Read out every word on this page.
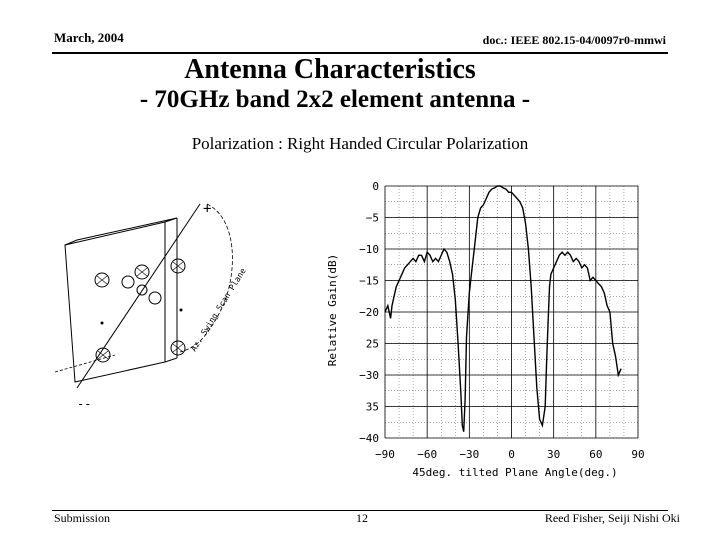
March, 2004	doc.: IEEE 802.15-04/0097r0-mmwi
Antenna Characteristics
- 70GHz band 2x2 element antenna -
Polarization : Right Handed Circular Polarization
+
--
Az. Swing Scan Plane
0
−5
−10
−15
−20
25
−30
35
−40
−90 −60 −30	0	30	60	90
Relative Gain(dB)
45deg. tilted Plane Angle(deg.)
Submission	12	Reed Fisher, Seiji Nishi Oki
